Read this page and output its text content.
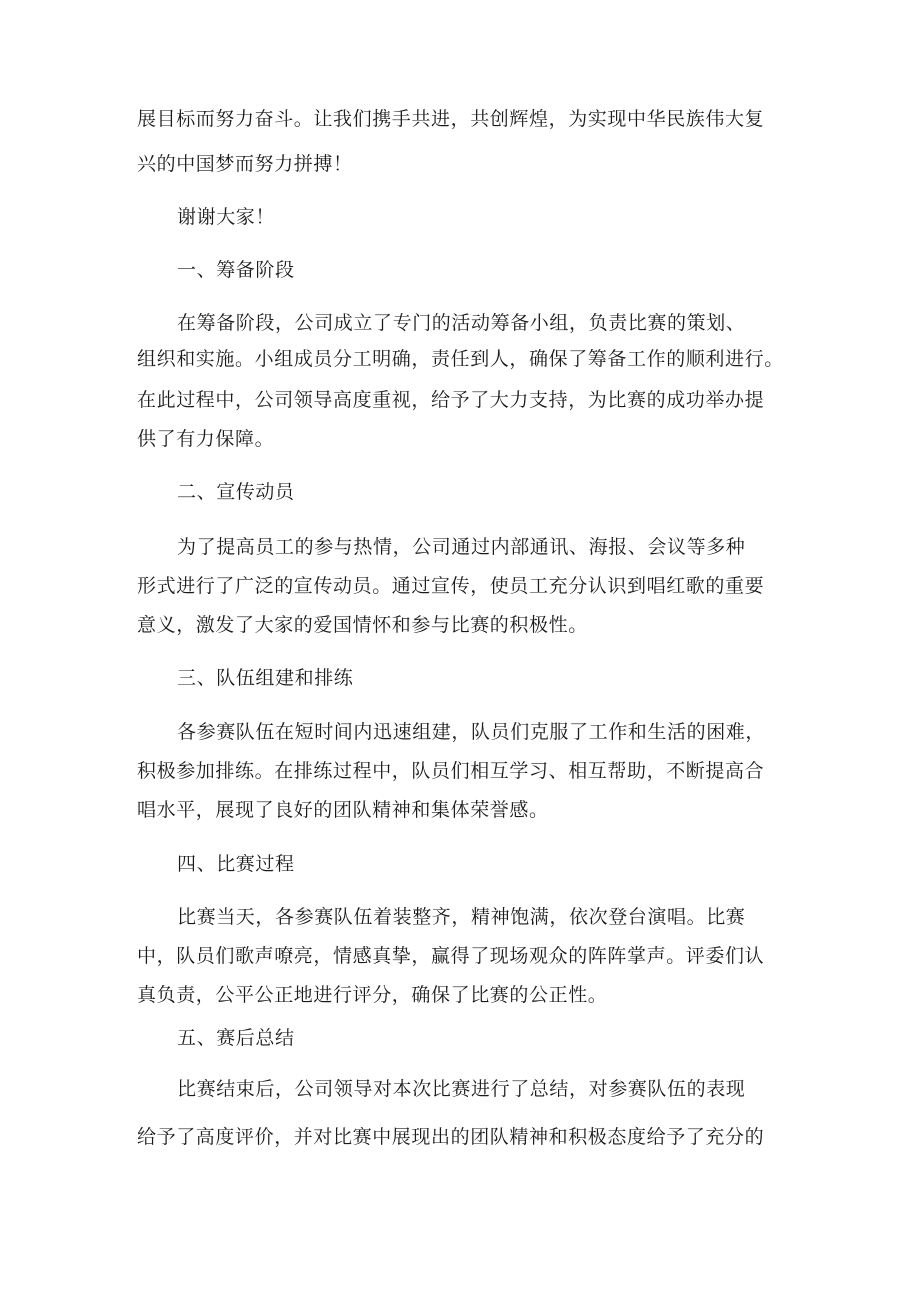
展目标而努力奋斗。让我们携手共进，共创辉煌，为实现中华民族伟大复
兴的中国梦而努力拼搏！
谢谢大家！
一、筹备阶段
在筹备阶段，公司成立了专门的活动筹备小组，负责比赛的策划、
组织和实施。小组成员分工明确，责任到人，确保了筹备工作的顺利进行。
在此过程中，公司领导高度重视，给予了大力支持，为比赛的成功举办提
供了有力保障。
二、宣传动员
为了提高员工的参与热情，公司通过内部通讯、海报、会议等多种
形式进行了广泛的宣传动员。通过宣传，使员工充分认识到唱红歌的重要
意义，激发了大家的爱国情怀和参与比赛的积极性。
三、队伍组建和排练
各参赛队伍在短时间内迅速组建，队员们克服了工作和生活的困难，
积极参加排练。在排练过程中，队员们相互学习、相互帮助，不断提高合
唱水平，展现了良好的团队精神和集体荣誉感。
四、比赛过程
比赛当天，各参赛队伍着装整齐，精神饱满，依次登台演唱。比赛
中，队员们歌声嘹亮，情感真挚，赢得了现场观众的阵阵掌声。评委们认
真负责，公平公正地进行评分，确保了比赛的公正性。
五、赛后总结
比赛结束后，公司领导对本次比赛进行了总结，对参赛队伍的表现
给予了高度评价，并对比赛中展现出的团队精神和积极态度给予了充分的
